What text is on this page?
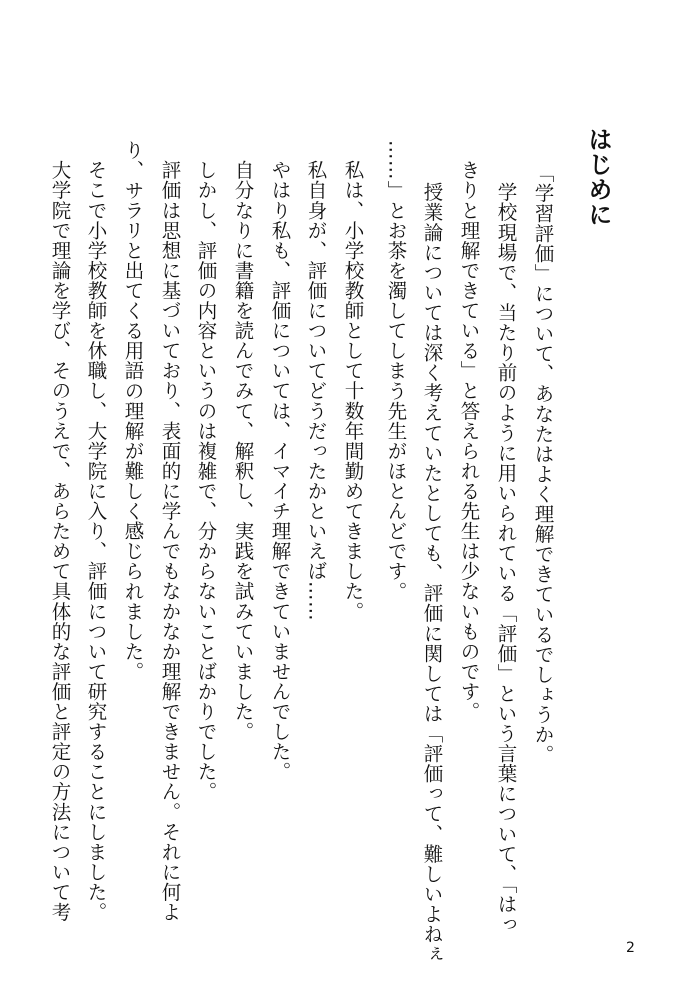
はじめに
「学習評価」について、あなたはよく理解できているでしょうか。
学校現場で、当たり前のように用いられている「評価」という言葉について、「はっ
きりと理解できている」と答えられる先生は少ないものです。
授業論については深く考えていたとしても、評価に関しては「評価って、難しいよねぇ
……」とお茶を濁してしまう先生がほとんどです。
私は、小学校教師として十数年間勤めてきました。
私自身が、評価についてどうだったかといえば……
やはり私も、評価については、イマイチ理解できていませんでした。
自分なりに書籍を読んでみて、解釈し、実践を試みていました。
しかし、評価の内容というのは複雑で、分からないことばかりでした。
評価は思想に基づいており、表面的に学んでもなかなか理解できません。それに何よ
り、サラリと出てくる用語の理解が難しく感じられました。
そこで小学校教師を休職し、大学院に入り、評価について研究することにしました。
大学院で理論を学び、そのうえで、あらためて具体的な評価と評定の方法について考
2
